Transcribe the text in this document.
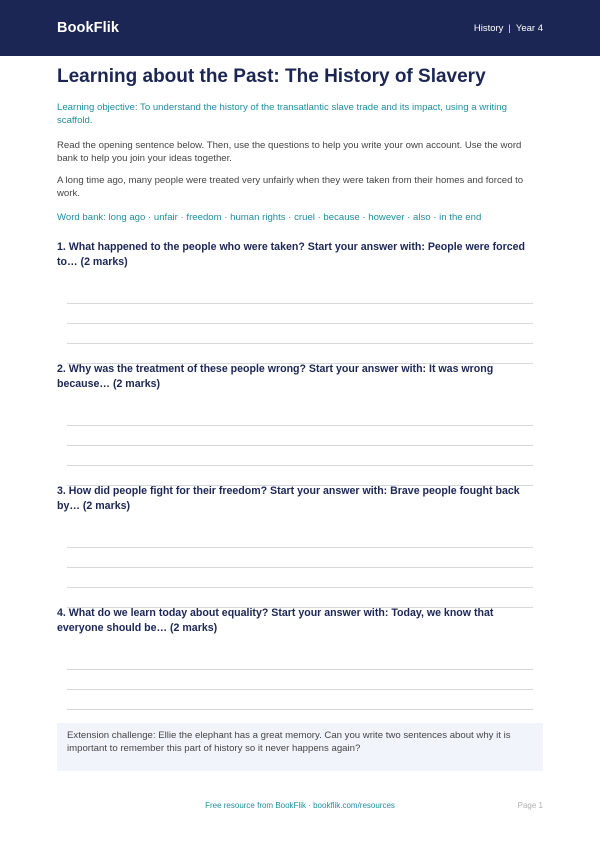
BookFlik	History | Year 4
Learning about the Past: The History of Slavery

Learning objective: To understand the history of the transatlantic slave trade and its impact, using a writing scaffold.

Read the opening sentence below. Then, use the questions to help you write your own account. Use the word bank to help you join your ideas together.

A long time ago, many people were treated very unfairly when they were taken from their homes and forced to work.

Word bank: long ago · unfair · freedom · human rights · cruel · because · however · also · in the end

1. What happened to the people who were taken? Start your answer with: People were forced to… (2 marks)

2. Why was the treatment of these people wrong? Start your answer with: It was wrong because… (2 marks)

3. How did people fight for their freedom? Start your answer with: Brave people fought back by… (2 marks)

4. What do we learn today about equality? Start your answer with: Today, we know that everyone should be… (2 marks)

Extension challenge: Ellie the elephant has a great memory. Can you write two sentences about why it is important to remember this part of history so it never happens again?

Free resource from BookFlik · bookflik.com/resources	Page 1
